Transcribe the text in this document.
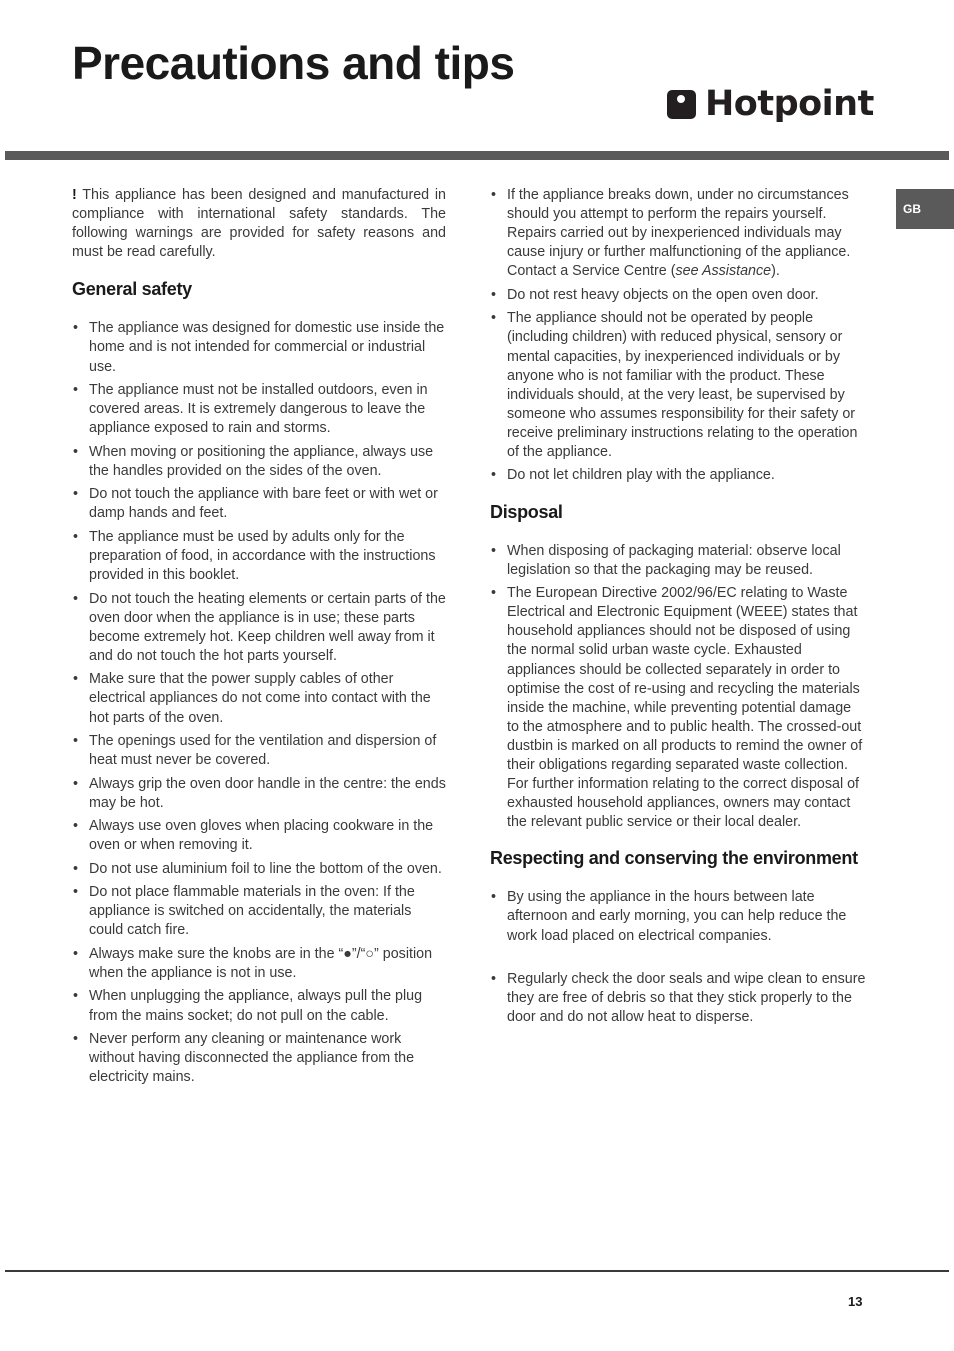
Precautions and tips
Hotpoint
GB

! This appliance has been designed and manufactured in compliance with international safety standards. The following warnings are provided for safety reasons and must be read carefully.

General safety
• The appliance was designed for domestic use inside the home and is not intended for commercial or industrial use.
• The appliance must not be installed outdoors, even in covered areas. It is extremely dangerous to leave the appliance exposed to rain and storms.
• When moving or positioning the appliance, always use the handles provided on the sides of the oven.
• Do not touch the appliance with bare feet or with wet or damp hands and feet.
• The appliance must be used by adults only for the preparation of food, in accordance with the instructions provided in this booklet.
• Do not touch the heating elements or certain parts of the oven door when the appliance is in use; these parts become extremely hot. Keep children well away from it and do not touch the hot parts yourself.
• Make sure that the power supply cables of other electrical appliances do not come into contact with the hot parts of the oven.
• The openings used for the ventilation and dispersion of heat must never be covered.
• Always grip the oven door handle in the centre: the ends may be hot.
• Always use oven gloves when placing cookware in the oven or when removing it.
• Do not use aluminium foil to line the bottom of the oven.
• Do not place flammable materials in the oven: If the appliance is switched on accidentally, the materials could catch fire.
• Always make sure the knobs are in the “●”/“○” position when the appliance is not in use.
• When unplugging the appliance, always pull the plug from the mains socket; do not pull on the cable.
• Never perform any cleaning or maintenance work without having disconnected the appliance from the electricity mains.
• If the appliance breaks down, under no circumstances should you attempt to perform the repairs yourself. Repairs carried out by inexperienced individuals may cause injury or further malfunctioning of the appliance. Contact a Service Centre (see Assistance).
• Do not rest heavy objects on the open oven door.
• The appliance should not be operated by people (including children) with reduced physical, sensory or mental capacities, by inexperienced individuals or by anyone who is not familiar with the product. These individuals should, at the very least, be supervised by someone who assumes responsibility for their safety or receive preliminary instructions relating to the operation of the appliance.
• Do not let children play with the appliance.
Disposal
• When disposing of packaging material: observe local legislation so that the packaging may be reused.
• The European Directive 2002/96/EC relating to Waste Electrical and Electronic Equipment (WEEE) states that household appliances should not be disposed of using the normal solid urban waste cycle. Exhausted appliances should be collected separately in order to optimise the cost of re-using and recycling the materials inside the machine, while preventing potential damage to the atmosphere and to public health. The crossed-out dustbin is marked on all products to remind the owner of their obligations regarding separated waste collection. For further information relating to the correct disposal of exhausted household appliances, owners may contact the relevant public service or their local dealer.
Respecting and conserving the environment
• By using the appliance in the hours between late afternoon and early morning, you can help reduce the work load placed on electrical companies.
• Regularly check the door seals and wipe clean to ensure they are free of debris so that they stick properly to the door and do not allow heat to disperse.
13
